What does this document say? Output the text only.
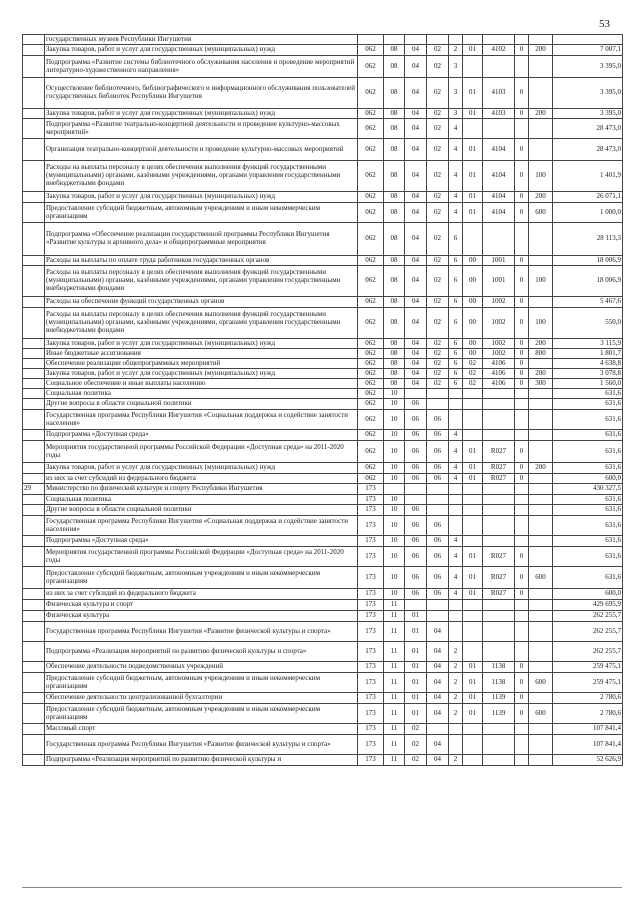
53
	государственных музеев Республики Ингушетия										
	Закупка товаров, работ и услуг для государственных (муниципальных) нужд	062	08	04	02	2	01	4102	0	200	7 007,1
	Подпрограмма «Развитие системы библиотечного обслуживания населения и проведение мероприятий литературно-художественного направления»	062	08	04	02	3					3 395,0
	Осуществление библиотечного, библиографического и информационного обслуживания пользователей государственных библиотек Республики Ингушетия	062	08	04	02	3	01	4103	0		3 395,0
	Закупка товаров, работ и услуг для государственных (муниципальных) нужд	062	08	04	02	3	01	4103	0	200	3 395,0
	Подпрограмма «Развитие театрально-концертной деятельности и проведение культурно-массовых мероприятий»	062	08	04	02	4					28 473,0
	Организация театрально-концертной деятельности и проведение культурно-массовых мероприятий	062	08	04	02	4	01	4104	0		28 473,0
	Расходы на выплаты персоналу в целях обеспечения выполнения функций государственными (муниципальными) органами, казёнными учреждениями, органами управления государственными внебюджетными фондами	062	08	04	02	4	01	4104	0	100	1 401,9
	Закупка товаров, работ и услуг для государственных (муниципальных) нужд	062	08	04	02	4	01	4104	0	200	26 071,1
	Предоставление субсидий бюджетным, автономным учреждениям и иным некоммерческим организациям	062	08	04	02	4	01	4104	0	600	1 000,0
	Подпрограмма «Обеспечение реализации государственной программы Республики Ингушетия «Развитие культуры и архивного дела» и общепрограммные мероприятия	062	08	04	02	6					28 113,3
	Расходы на выплаты по оплате труда работников государственных органов	062	08	04	02	6	00	1001	0		18 006,9
	Расходы на выплаты персоналу в целях обеспечения выполнения функций государственными (муниципальными) органами, казёнными учреждениями, органами управления государственными внебюджетными фондами	062	08	04	02	6	00	1001	0	100	18 006,9
	Расходы на обеспечение функций государственных органов	062	08	04	02	6	00	1002	0		5 467,6
	Расходы на выплаты персоналу в целях обеспечения выполнения функций государственными (муниципальными) органами, казёнными учреждениями, органами управления государственными внебюджетными фондами	062	08	04	02	6	00	1002	0	100	550,0
	Закупка товаров, работ и услуг для государственных (муниципальных) нужд	062	08	04	02	6	00	1002	0	200	3 115,9
	Иные бюджетные ассигнования	062	08	04	02	6	00	1002	0	800	1 801,7
	Обеспечение реализации общепрограммных мероприятий	062	08	04	02	6	02	4106	0		4 638,8
	Закупка товаров, работ и услуг для государственных (муниципальных) нужд	062	08	04	02	6	02	4106	0	200	3 078,8
	Социальное обеспечение и иные выплаты населению	062	08	04	02	6	02	4106	0	300	1 560,0
	Социальная политика	062	10								631,6
	Другие вопросы в области социальной политики	062	10	06							631,6
	Государственная программа Республики Ингушетия «Социальная поддержка и содействие занятости населения»	062	10	06	06						631,6
	Подпрограмма «Доступная среда»	062	10	06	06	4					631,6
	Мероприятия государственной программы Российской Федерации «Доступная среда» на 2011-2020 годы	062	10	06	06	4	01	R027	0		631,6
	Закупка товаров, работ и услуг для государственных (муниципальных) нужд	062	10	06	06	4	01	R027	0	200	631,6
	из них за счет субсидий из федерального бюджета	062	10	06	06	4	01	R027	0		600,0
29	Министерство по физической культуре и спорту Республики Ингушетия	173									430 327,5
	Социальная политика	173	10								631,6
	Другие вопросы в области социальной политики	173	10	06							631,6
	Государственная программа Республики Ингушетия «Социальная поддержка и содействие занятости населения»	173	10	06	06						631,6
	Подпрограмма «Доступная среда»	173	10	06	06	4					631,6
	Мероприятия государственной программы Российской Федерации «Доступная среда» на 2011-2020 годы	173	10	06	06	4	01	R027	0		631,6
	Предоставление субсидий бюджетным, автономным учреждениям и иным некоммерческим организациям	173	10	06	06	4	01	R027	0	600	631,6
	из них за счет субсидий из федерального бюджета	173	10	06	06	4	01	R027	0		600,0
	Физическая культура и спорт	173	11								429 695,9
	Физическая культура	173	11	01							262 255,7
	Государственная программа Республики Ингушетия «Развитие физической культуры и спорта»	173	11	01	04						262 255,7
	Подпрограмма «Реализация мероприятий по развитию физической культуры и спорта»	173	11	01	04	2					262 255,7
	Обеспечение деятельности подведомственных учреждений	173	11	01	04	2	01	1138	0		259 475,1
	Предоставление субсидий бюджетным, автономным учреждениям и иным некоммерческим организациям	173	11	01	04	2	01	1138	0	600	259 475,1
	Обеспечение деятельности централизованной бухгалтерии	173	11	01	04	2	01	1139	0		2 780,6
	Предоставление субсидий бюджетным, автономным учреждениям и иным некоммерческим организациям	173	11	01	04	2	01	1139	0	600	2 780,6
	Массовый спорт	173	11	02							107 841,4
	Государственная программа Республики Ингушетия «Развитие физической культуры и спорта»	173	11	02	04						107 841,4
	Подпрограмма «Реализация мероприятий по развитию физической культуры и	173	11	02	04	2					52 626,9
